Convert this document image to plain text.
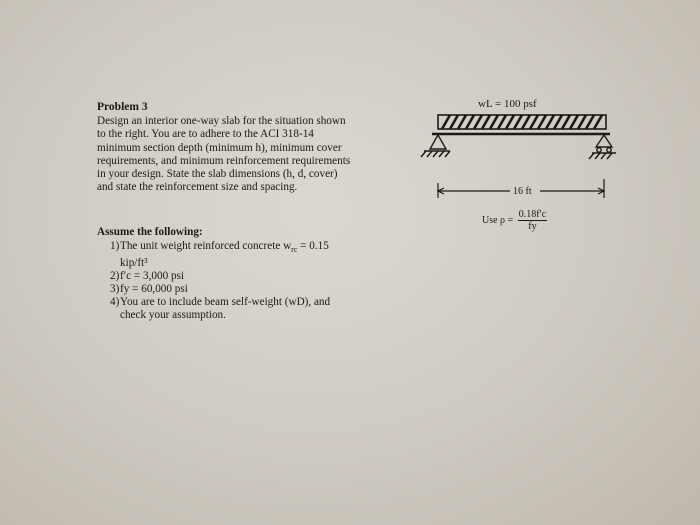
Problem 3
Design an interior one-way slab for the situation shown
to the right. You are to adhere to the ACI 318-14
minimum section depth (minimum h), minimum cover
requirements, and minimum reinforcement requirements
in your design. State the slab dimensions (h, d, cover)
and state the reinforcement size and spacing.
Assume the following:
1) The unit weight reinforced concrete $w_{rc} = 0.15$
kip/ft³
2) f′c = 3,000 psi
3) fy = 60,000 psi
4) You are to include beam self-weight (wD), and
check your assumption.
wL = 100 psf
16 ft
Use $\rho = \frac{0.18f'c}{fy}$
